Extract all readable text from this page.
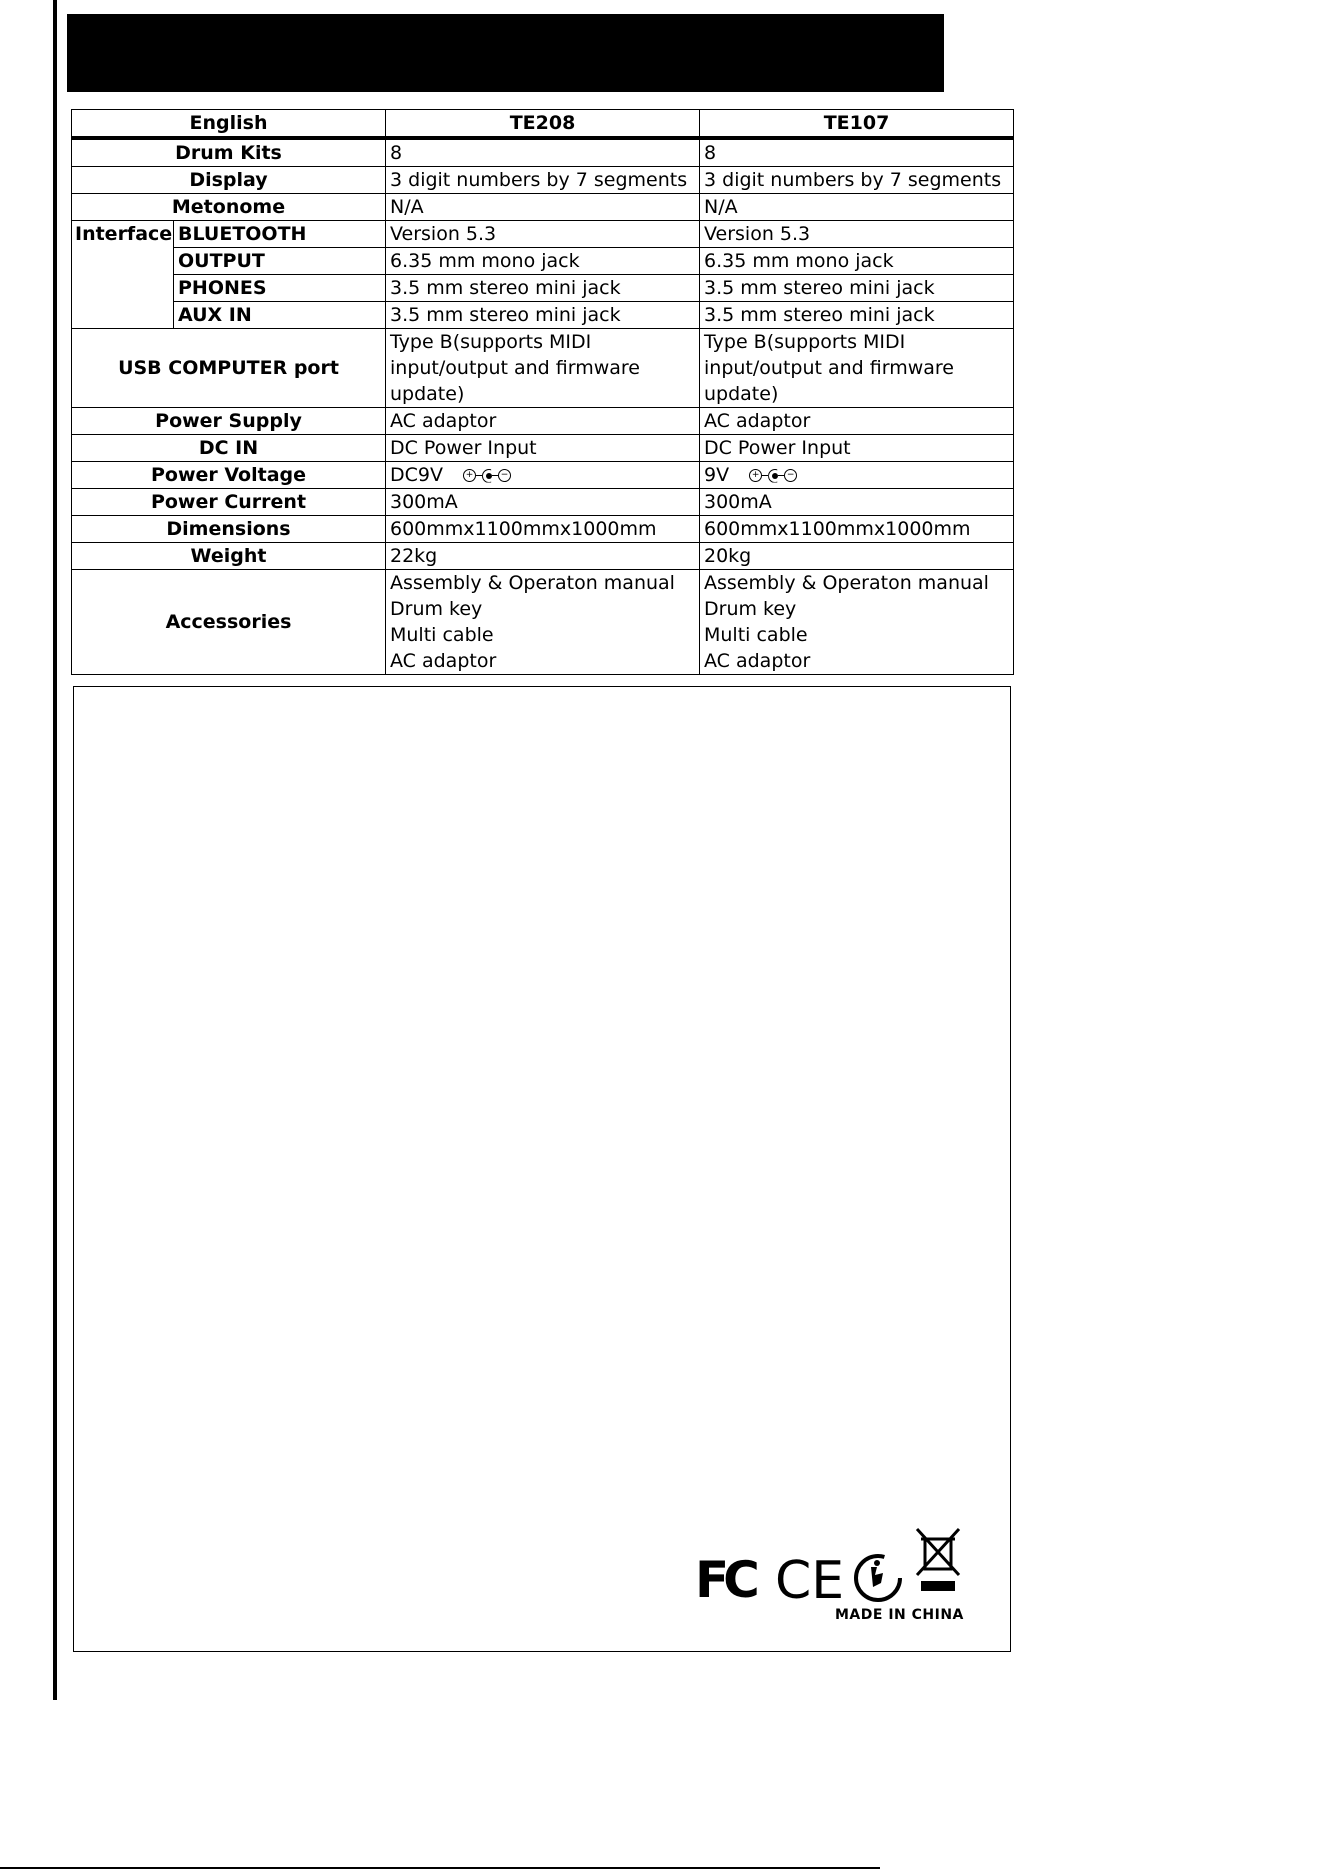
English		TE208	TE107
Drum Kits		8	8
Display		3 digit numbers by 7 segments	3 digit numbers by 7 segments
Metonome		N/A	N/A
Interface	BLUETOOTH	Version 5.3	Version 5.3
	OUTPUT	6.35 mm mono jack	6.35 mm mono jack
	PHONES	3.5 mm stereo mini jack	3.5 mm stereo mini jack
	AUX IN	3.5 mm stereo mini jack	3.5 mm stereo mini jack
USB COMPUTER port		Type B(supports MIDI
input/output and firmware
update)	Type B(supports MIDI
input/output and firmware
update)
Power Supply		AC adaptor	AC adaptor
DC IN		DC Power Input	DC Power Input
Power Voltage		DC9V + −	9V + −

Power Current		300mA	300mA
Dimensions		600mmx1100mmx1000mm	600mmx1100mmx1000mm
Weight		22kg	20kg
Accessories		Assembly & Operaton manual
Drum key
Multi cable
AC adaptor	Assembly & Operaton manual
Drum key
Multi cable
AC adaptor
FC CE
MADE IN CHINA
